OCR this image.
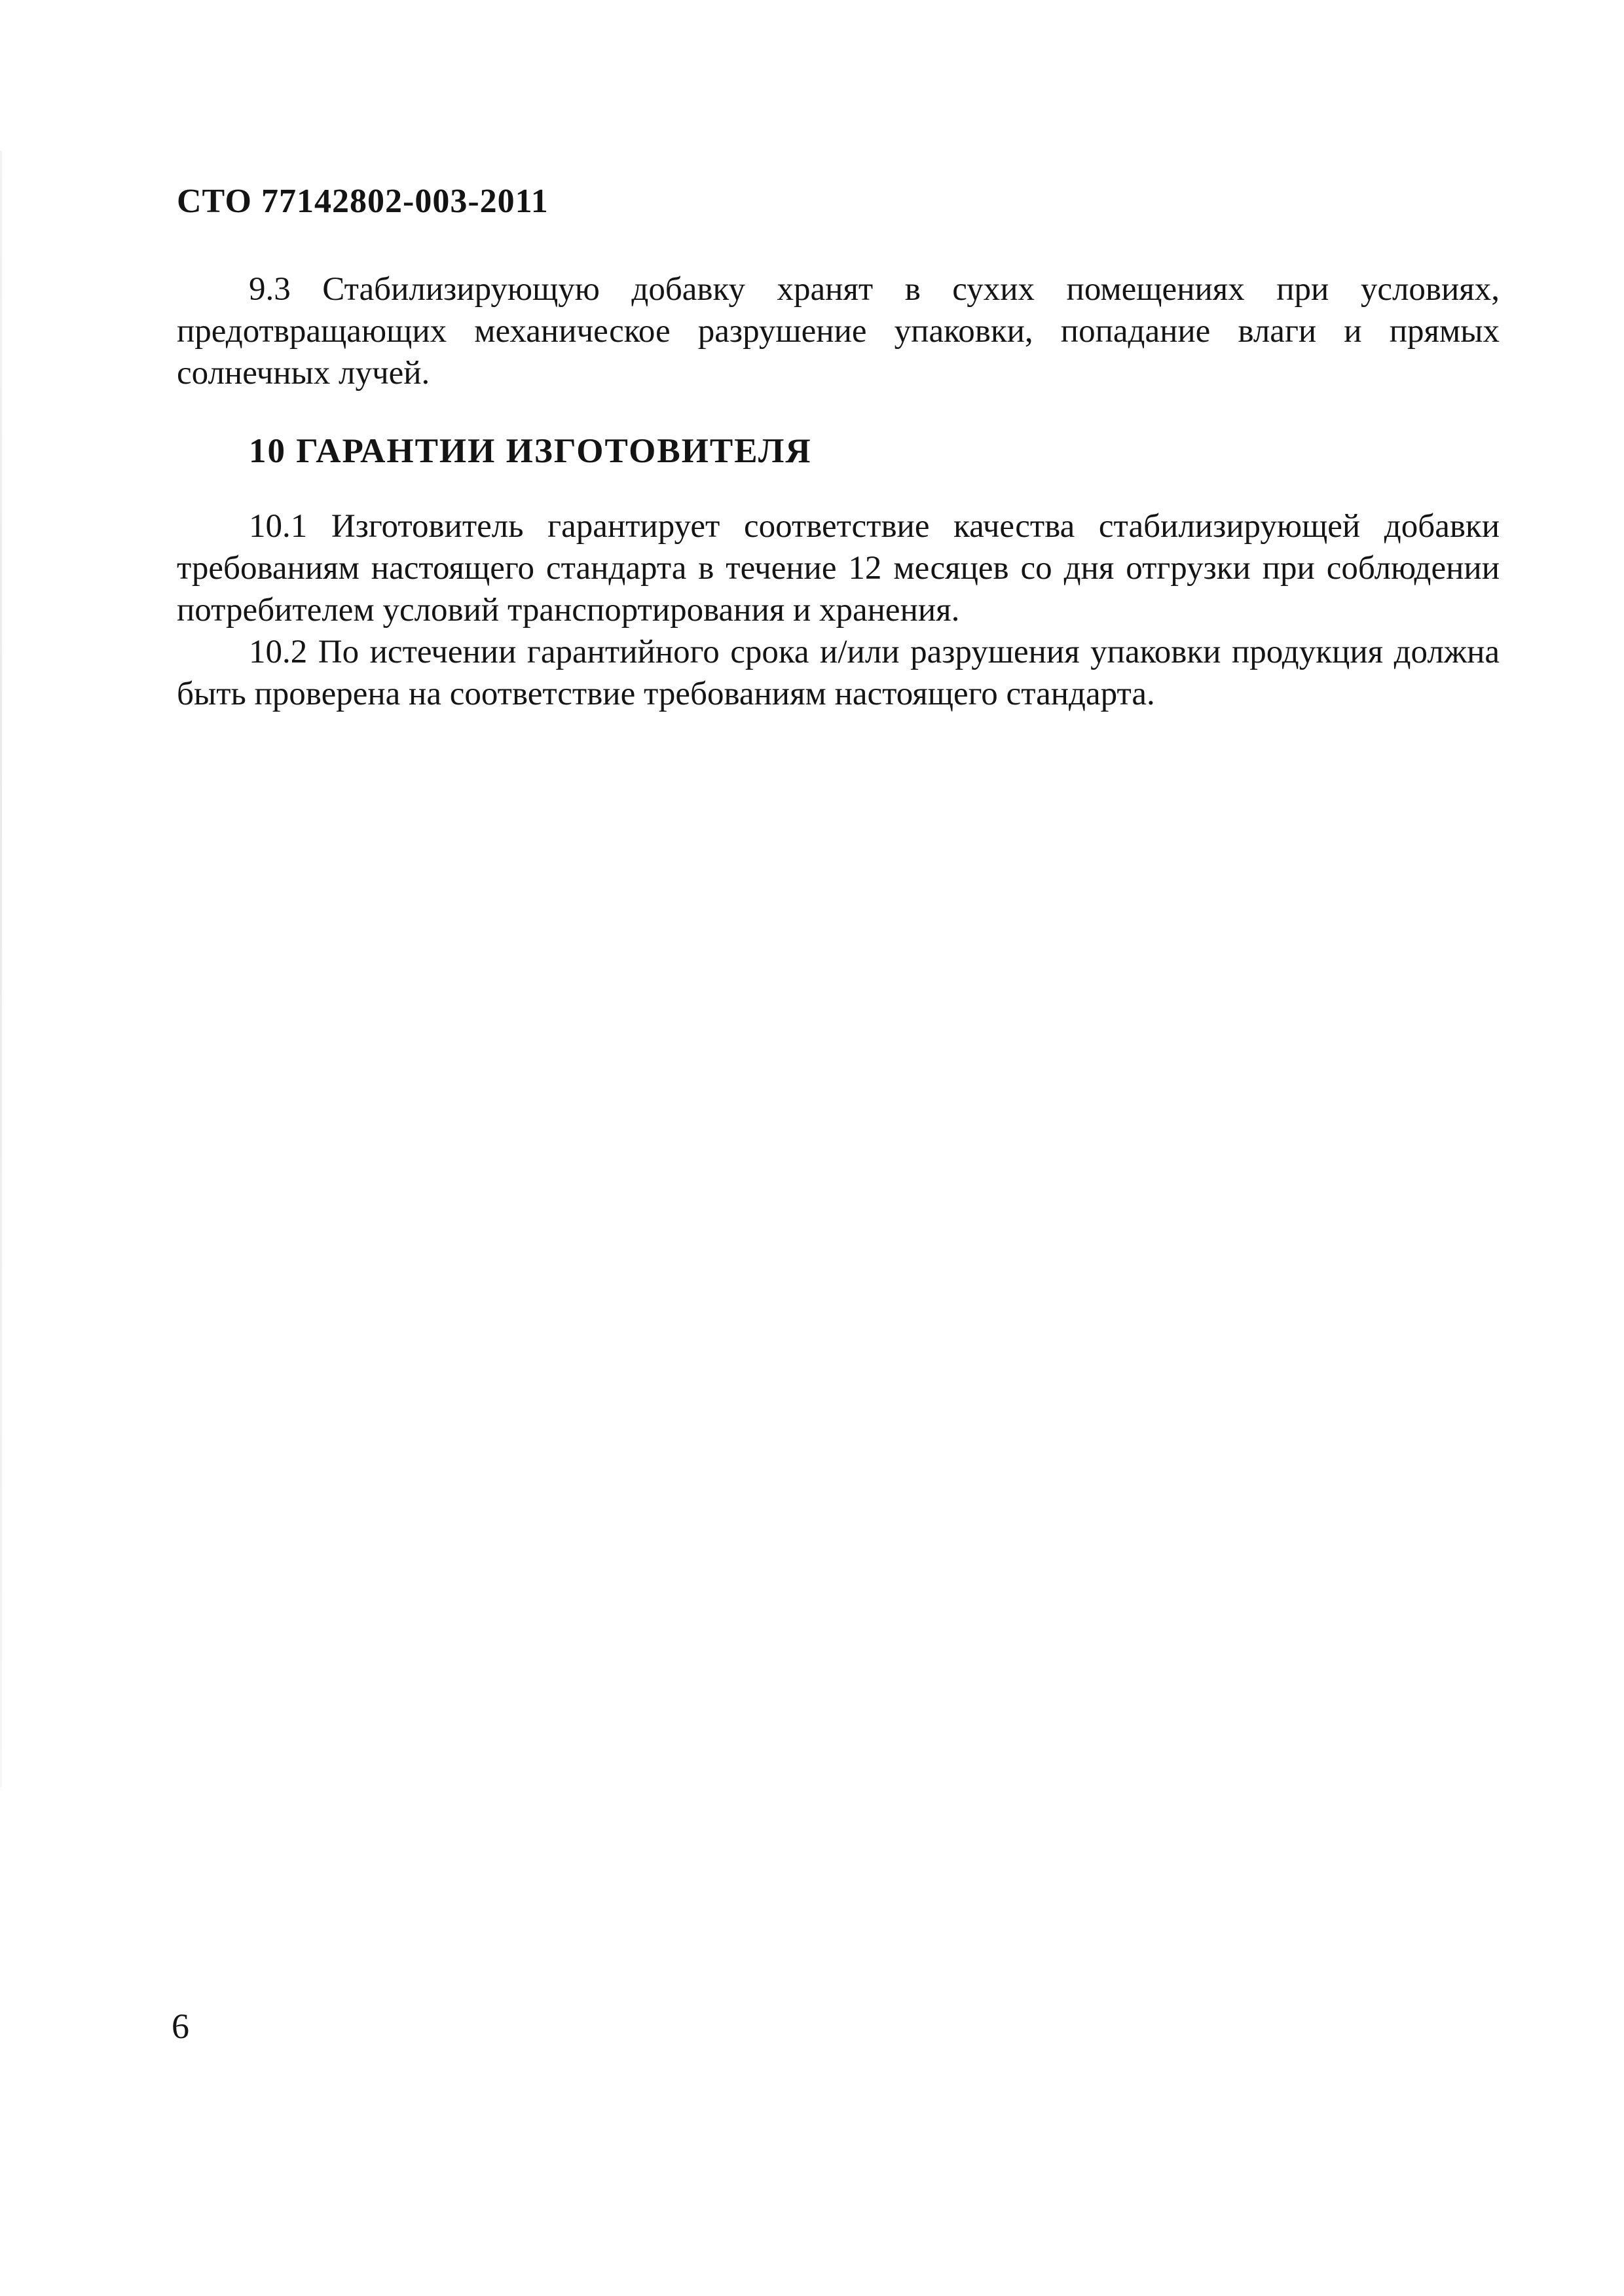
СТО 77142802-003-2011

9.3 Стабилизирующую добавку хранят в сухих помещениях при условиях, предотвращающих механическое разрушение упаковки, попадание влаги и прямых солнечных лучей.

10 ГАРАНТИИ ИЗГОТОВИТЕЛЯ

10.1 Изготовитель гарантирует соответствие качества стабилизирующей добавки требованиям настоящего стандарта в течение 12 месяцев со дня отгрузки при соблюдении потребителем условий транспортирования и хранения.

10.2 По истечении гарантийного срока и/или разрушения упаковки продукция должна быть проверена на соответствие требованиям настоящего стандарта.

6
